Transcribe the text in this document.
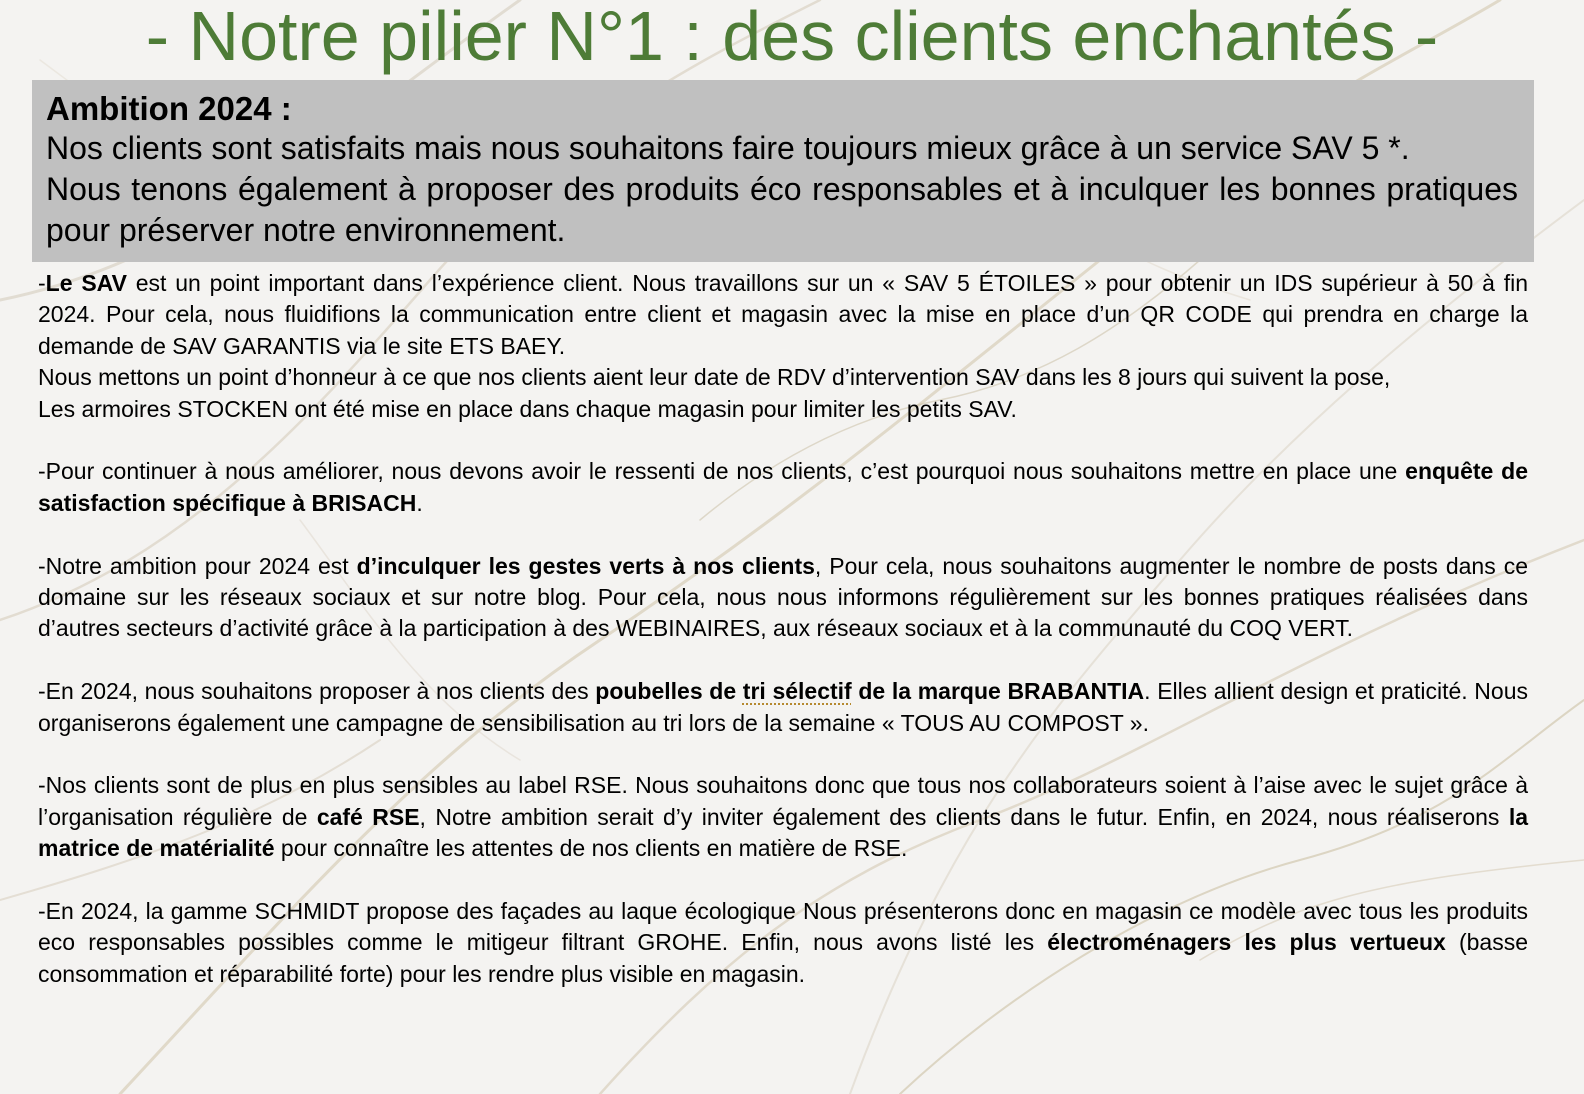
- Notre pilier N°1 : des clients enchantés -

Ambition 2024 :

Nos clients sont satisfaits mais nous souhaitons faire toujours mieux grâce à un service SAV 5 *.

Nous tenons également à proposer des produits éco responsables et à inculquer les bonnes pratiques pour préserver notre environnement.

-Le SAV est un point important dans l’expérience client. Nous travaillons sur un « SAV 5 ÉTOILES » pour obtenir un IDS supérieur à 50 à fin 2024. Pour cela, nous fluidifions la communication entre client et magasin avec la mise en place d’un QR CODE qui prendra en charge la demande de SAV GARANTIS via le site ETS BAEY.

Nous mettons un point d’honneur à ce que nos clients aient leur date de RDV d’intervention SAV dans les 8 jours qui suivent la pose,

Les armoires STOCKEN ont été mise en place dans chaque magasin pour limiter les petits SAV.

-Pour continuer à nous améliorer, nous devons avoir le ressenti de nos clients, c’est pourquoi nous souhaitons mettre en place une enquête de satisfaction spécifique à BRISACH.

-Notre ambition pour 2024 est d’inculquer les gestes verts à nos clients, Pour cela, nous souhaitons augmenter le nombre de posts dans ce domaine sur les réseaux sociaux et sur notre blog. Pour cela, nous nous informons régulièrement sur les bonnes pratiques réalisées dans d’autres secteurs d’activité grâce à la participation à des WEBINAIRES, aux réseaux sociaux et à la communauté du COQ VERT.

-En 2024, nous souhaitons proposer à nos clients des poubelles de tri sélectif de la marque BRABANTIA. Elles allient design et praticité. Nous organiserons également une campagne de sensibilisation au tri lors de la semaine « TOUS AU COMPOST ».

-Nos clients sont de plus en plus sensibles au label RSE. Nous souhaitons donc que tous nos collaborateurs soient à l’aise avec le sujet grâce à l’organisation régulière de café RSE, Notre ambition serait d’y inviter également des clients dans le futur. Enfin, en 2024, nous réaliserons la matrice de matérialité pour connaître les attentes de nos clients en matière de RSE.

-En 2024, la gamme SCHMIDT propose des façades au laque écologique Nous présenterons donc en magasin ce modèle avec tous les produits eco responsables possibles comme le mitigeur filtrant GROHE. Enfin, nous avons listé les électroménagers les plus vertueux (basse consommation et réparabilité forte) pour les rendre plus visible en magasin.
